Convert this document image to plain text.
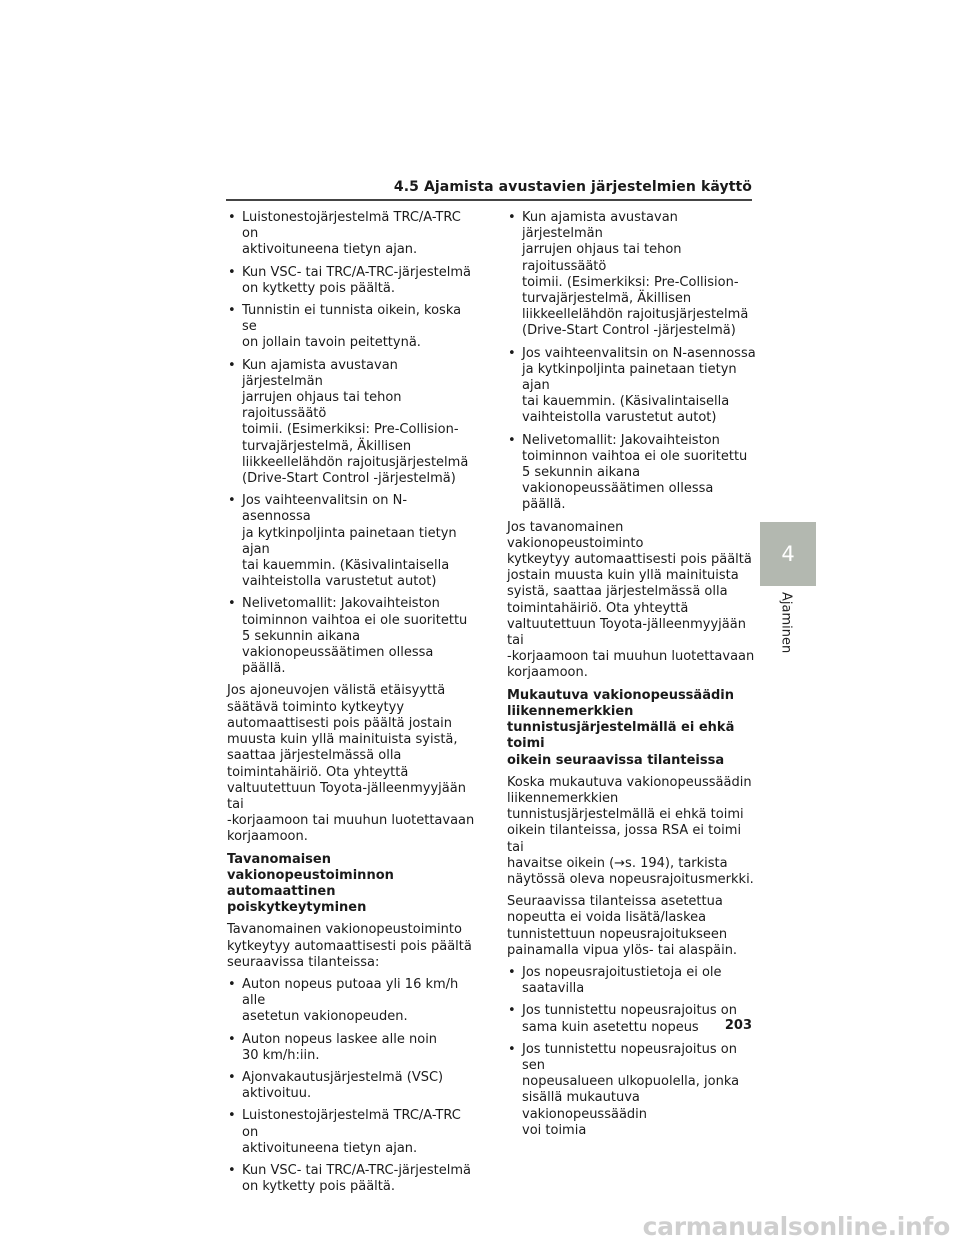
4.5 Ajamista avustavien järjestelmien käyttö
• Luistonestojärjestelmä TRC/A-TRC on
aktivoituneena tietyn ajan.
• Kun VSC- tai TRC/A-TRC-järjestelmä
on kytketty pois päältä.
• Tunnistin ei tunnista oikein, koska se
on jollain tavoin peitettynä.
• Kun ajamista avustavan järjestelmän
jarrujen ohjaus tai tehon rajoitussäätö
toimii. (Esimerkiksi: Pre-Collision-
turvajärjestelmä, Äkillisen
liikkeellelähdön rajoitusjärjestelmä
(Drive-Start Control -järjestelmä)
• Jos vaihteenvalitsin on N-asennossa
ja kytkinpoljinta painetaan tietyn ajan
tai kauemmin. (Käsivalintaisella
vaihteistolla varustetut autot)
• Nelivetomallit: Jakovaihteiston
toiminnon vaihtoa ei ole suoritettu
5 sekunnin aikana
vakionopeussäätimen ollessa päällä.
Jos ajoneuvojen välistä etäisyyttä
säätävä toiminto kytkeytyy
automaattisesti pois päältä jostain
muusta kuin yllä mainituista syistä,
saattaa järjestelmässä olla
toimintahäiriö. Ota yhteyttä
valtuutettuun Toyota-jälleenmyyjään tai
-korjaamoon tai muuhun luotettavaan
korjaamoon.
Tavanomaisen vakionopeustoiminnon
automaattinen poiskytkeytyminen
Tavanomainen vakionopeustoiminto
kytkeytyy automaattisesti pois päältä
seuraavissa tilanteissa:
• Auton nopeus putoaa yli 16 km/h alle
asetetun vakionopeuden.
• Auton nopeus laskee alle noin
30 km/h:iin.
• Ajonvakautusjärjestelmä (VSC)
aktivoituu.
• Luistonestojärjestelmä TRC/A-TRC on
aktivoituneena tietyn ajan.
• Kun VSC- tai TRC/A-TRC-järjestelmä
on kytketty pois päältä.
• Kun ajamista avustavan järjestelmän
jarrujen ohjaus tai tehon rajoitussäätö
toimii. (Esimerkiksi: Pre-Collision-
turvajärjestelmä, Äkillisen
liikkeellelähdön rajoitusjärjestelmä
(Drive-Start Control -järjestelmä)
• Jos vaihteenvalitsin on N-asennossa
ja kytkinpoljinta painetaan tietyn ajan
tai kauemmin. (Käsivalintaisella
vaihteistolla varustetut autot)
• Nelivetomallit: Jakovaihteiston
toiminnon vaihtoa ei ole suoritettu
5 sekunnin aikana
vakionopeussäätimen ollessa päällä.
Jos tavanomainen vakionopeustoiminto
kytkeytyy automaattisesti pois päältä
jostain muusta kuin yllä mainituista
syistä, saattaa järjestelmässä olla
toimintahäiriö. Ota yhteyttä
valtuutettuun Toyota-jälleenmyyjään tai
-korjaamoon tai muuhun luotettavaan
korjaamoon.
Mukautuva vakionopeussäädin
liikennemerkkien
tunnistusjärjestelmällä ei ehkä toimi
oikein seuraavissa tilanteissa
Koska mukautuva vakionopeussäädin
liikennemerkkien
tunnistusjärjestelmällä ei ehkä toimi
oikein tilanteissa, jossa RSA ei toimi tai
havaitse oikein (→s. 194), tarkista
näytössä oleva nopeusrajoitusmerkki.
Seuraavissa tilanteissa asetettua
nopeutta ei voida lisätä/laskea
tunnistettuun nopeusrajoitukseen
painamalla vipua ylös- tai alaspäin.
• Jos nopeusrajoitustietoja ei ole
saatavilla
• Jos tunnistettu nopeusrajoitus on
sama kuin asetettu nopeus
• Jos tunnistettu nopeusrajoitus on sen
nopeusalueen ulkopuolella, jonka
sisällä mukautuva vakionopeussäädin
voi toimia
4
Ajaminen
203
carmanualsonline.info
